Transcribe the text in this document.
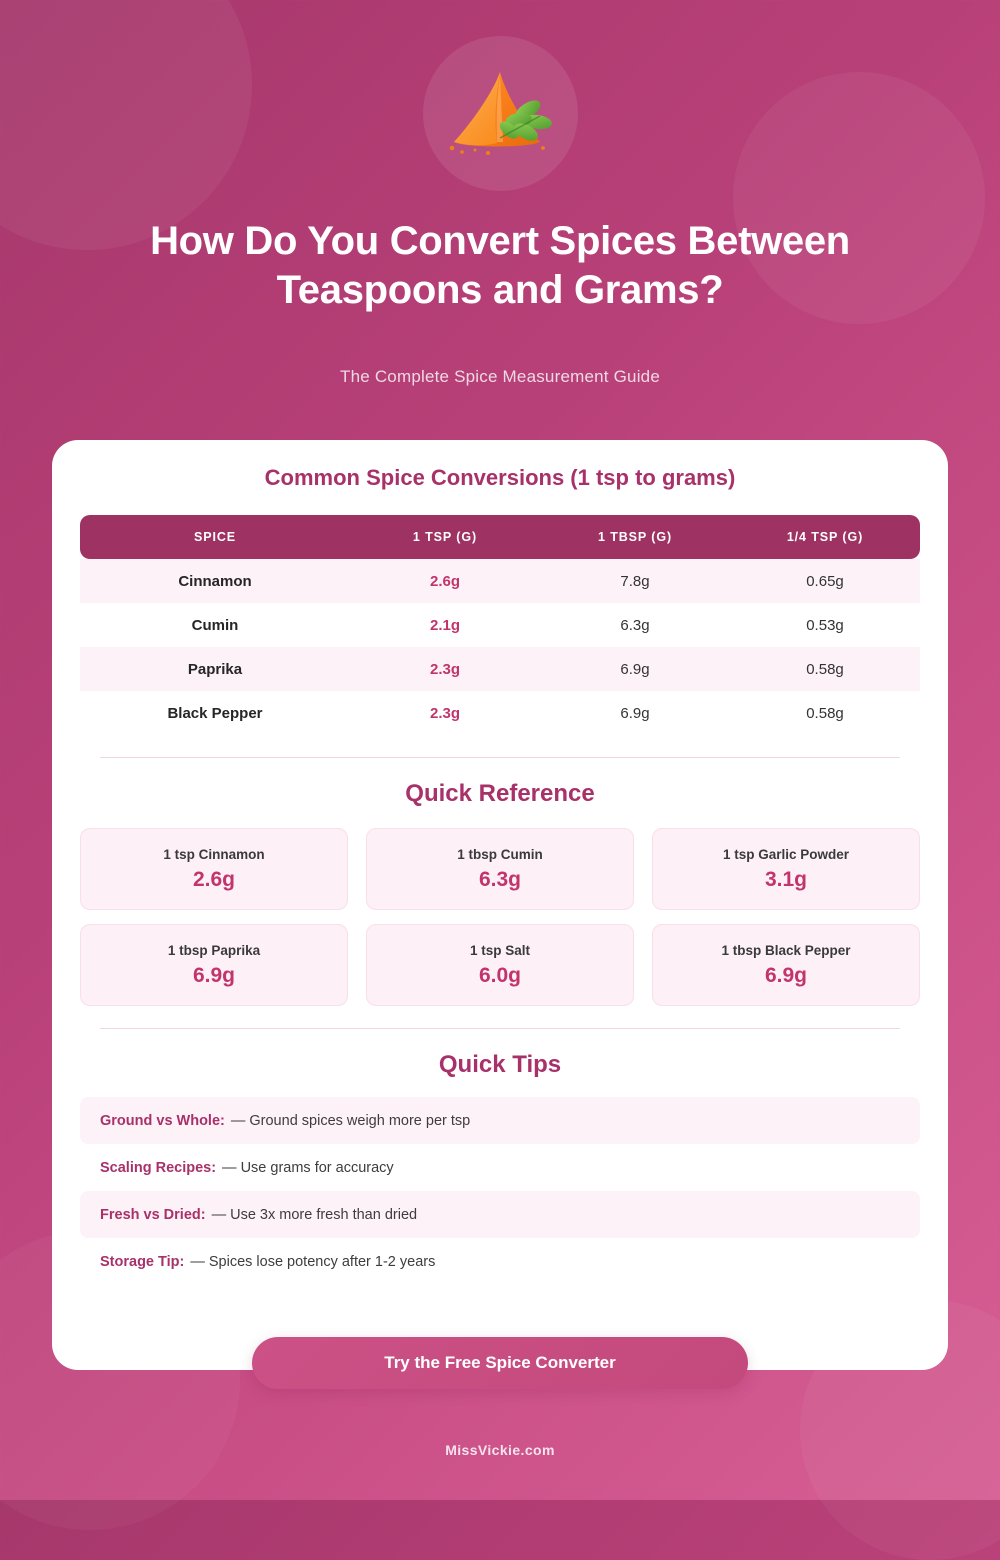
How Do You Convert Spices Between Teaspoons and Grams?
The Complete Spice Measurement Guide
Common Spice Conversions (1 tsp to grams)
SPICE	1 TSP (G)	1 TBSP (G)	1/4 TSP (G)
Cinnamon	2.6g	7.8g	0.65g
Cumin	2.1g	6.3g	0.53g
Paprika	2.3g	6.9g	0.58g
Black Pepper	2.3g	6.9g	0.58g
Quick Reference
1 tsp Cinnamon
2.6g
1 tbsp Cumin
6.3g
1 tsp Garlic Powder
3.1g
1 tbsp Paprika
6.9g
1 tsp Salt
6.0g
1 tbsp Black Pepper
6.9g
Quick Tips
Ground vs Whole: — Ground spices weigh more per tsp
Scaling Recipes: — Use grams for accuracy
Fresh vs Dried: — Use 3x more fresh than dried
Storage Tip: — Spices lose potency after 1-2 years
Try the Free Spice Converter
MissVickie.com
